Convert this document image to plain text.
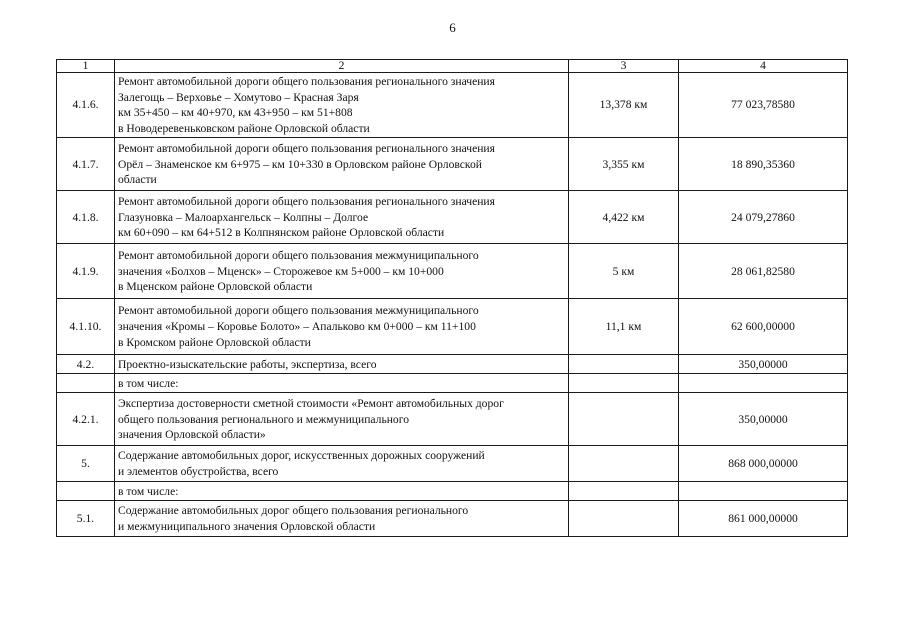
6
1	2	3	4
4.1.6.	Ремонт автомобильной дороги общего пользования регионального значения
Залегощь – Верховье – Хомутово – Красная Заря
км 35+450 – км 40+970, км 43+950 – км 51+808
в Новодеревеньковском районе Орловской области	13,378 км	77 023,78580
4.1.7.	Ремонт автомобильной дороги общего пользования регионального значения
Орёл – Знаменское км 6+975 – км 10+330 в Орловском районе Орловской
области	3,355 км	18 890,35360
4.1.8.	Ремонт автомобильной дороги общего пользования регионального значения
Глазуновка – Малоархангельск – Колпны – Долгое
км 60+090 – км 64+512 в Колпнянском районе Орловской области	4,422 км	24 079,27860
4.1.9.	Ремонт автомобильной дороги общего пользования межмуниципального
значения «Болхов – Мценск» – Сторожевое км 5+000 – км 10+000
в Мценском районе Орловской области	5 км	28 061,82580
4.1.10.	Ремонт автомобильной дороги общего пользования межмуниципального
значения «Кромы – Коровье Болото» – Апальково км 0+000 – км 11+100
в Кромском районе Орловской области	11,1 км	62 600,00000
4.2.	Проектно-изыскательские работы, экспертиза, всего		350,00000
	в том числе:		
4.2.1.	Экспертиза достоверности сметной стоимости «Ремонт автомобильных дорог
общего пользования регионального и межмуниципального
значения Орловской области»		350,00000
5.	Содержание автомобильных дорог, искусственных дорожных сооружений
и элементов обустройства, всего		868 000,00000
	в том числе:		
5.1.	Содержание автомобильных дорог общего пользования регионального
и межмуниципального значения Орловской области		861 000,00000
